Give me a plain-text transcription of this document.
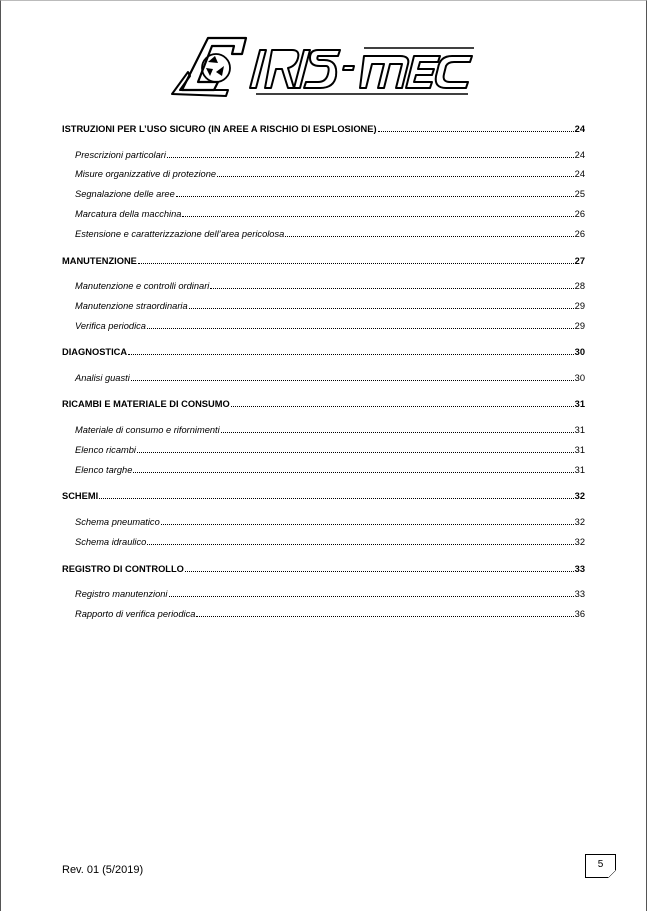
ISTRUZIONI PER L’USO SICURO (IN AREE A RISCHIO DI ESPLOSIONE)	24
Prescrizioni particolari	24
Misure organizzative di protezione	24
Segnalazione delle aree	25
Marcatura della macchina	26
Estensione e caratterizzazione dell’area pericolosa	26
MANUTENZIONE	27
Manutenzione e controlli ordinari	28
Manutenzione straordinaria	29
Verifica periodica	29
DIAGNOSTICA	30
Analisi guasti	30
RICAMBI E MATERIALE DI CONSUMO	31
Materiale di consumo e rifornimenti	31
Elenco ricambi	31
Elenco targhe	31
SCHEMI	32
Schema pneumatico	32
Schema idraulico	32
REGISTRO DI CONTROLLO	33
Registro manutenzioni	33
Rapporto di verifica periodica	36
Rev. 01 (5/2019)	5
